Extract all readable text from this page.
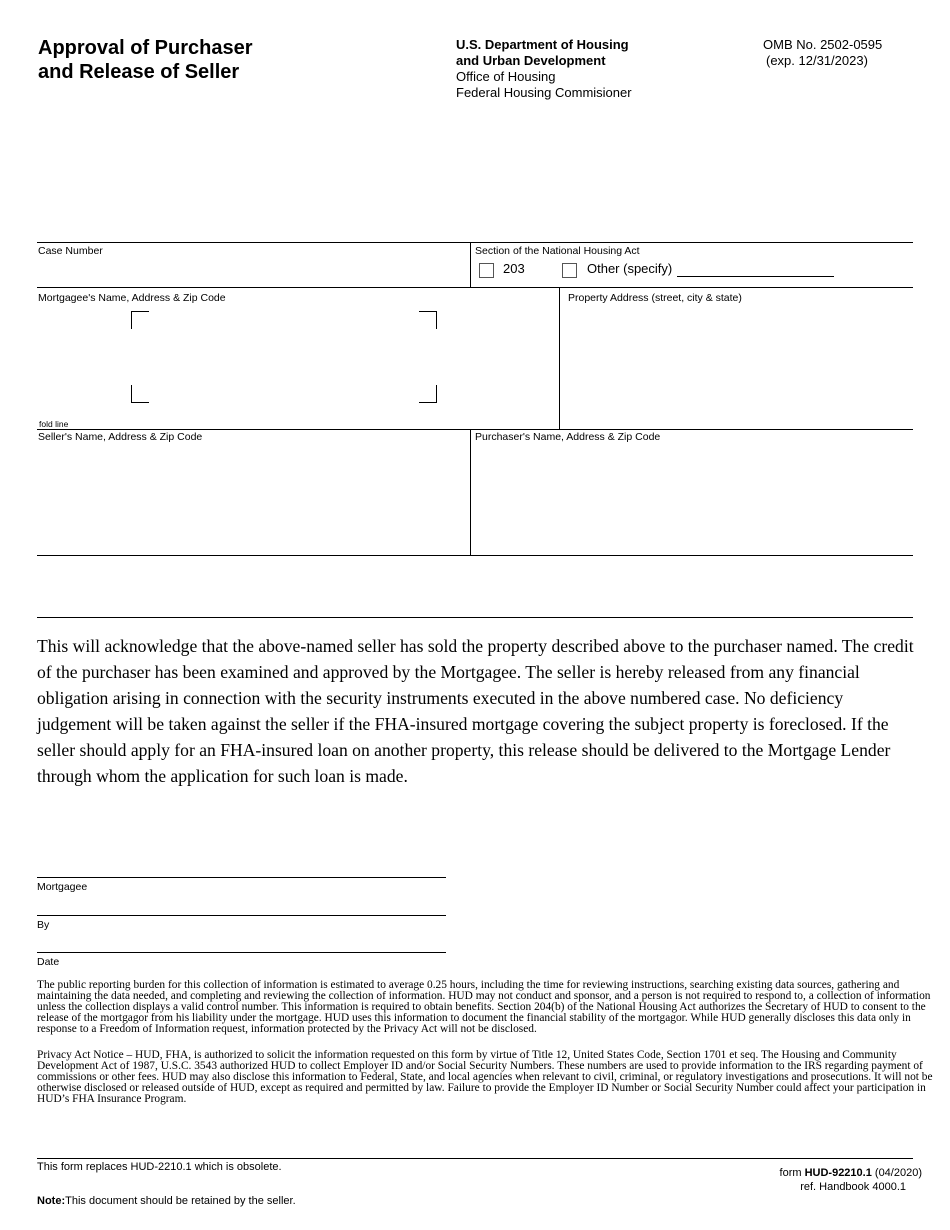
Approval of Purchaser
and Release of Seller
U.S. Department of Housing
and Urban Development
Office of Housing
Federal Housing Commisioner
OMB No. 2502-0595
(exp. 12/31/2023)
Case Number	Section of the National Housing Act
203	Other (specify)
Mortgagee's Name, Address & Zip Code
fold line
Property Address (street, city & state)
Seller's Name, Address & Zip Code	Purchaser's Name, Address & Zip Code
This will acknowledge that the above-named seller has sold the property described above to the purchaser named. The credit of the purchaser has been examined and approved by the Mortgagee. The seller is hereby released from any financial obligation arising in connection with the security instruments executed in the above numbered case. No deficiency judgement will be taken against the seller if the FHA-insured mortgage covering the subject property is foreclosed. If the seller should apply for an FHA-insured loan on another property, this release should be delivered to the Mortgage Lender through whom the application for such loan is made.
Mortgagee
By
Date
The public reporting burden for this collection of information is estimated to average 0.25 hours, including the time for reviewing instructions, searching existing data sources, gathering and maintaining the data needed, and completing and reviewing the collection of information. HUD may not conduct and sponsor, and a person is not required to respond to, a collection of information unless the collection displays a valid control number. This information is required to obtain benefits. Section 204(b) of the National Housing Act authorizes the Secretary of HUD to consent to the release of the mortgagor from his liability under the mortgage. HUD uses this information to document the financial stability of the mortgagor. While HUD generally discloses this data only in response to a Freedom of Information request, information protected by the Privacy Act will not be disclosed.
Privacy Act Notice – HUD, FHA, is authorized to solicit the information requested on this form by virtue of Title 12, United States Code, Section 1701 et seq. The Housing and Community Development Act of 1987, U.S.C. 3543 authorized HUD to collect Employer ID and/or Social Security Numbers. These numbers are used to provide information to the IRS regarding payment of commissions or other fees. HUD may also disclose this information to Federal, State, and local agencies when relevant to civil, criminal, or regulatory investigations and prosecutions. It will not be otherwise disclosed or released outside of HUD, except as required and permitted by law. Failure to provide the Employer ID Number or Social Security Number could affect your participation in HUD’s FHA Insurance Program.
This form replaces HUD-2210.1 which is obsolete.
Note:This document should be retained by the seller.
form HUD-92210.1 (04/2020)
ref. Handbook 4000.1
